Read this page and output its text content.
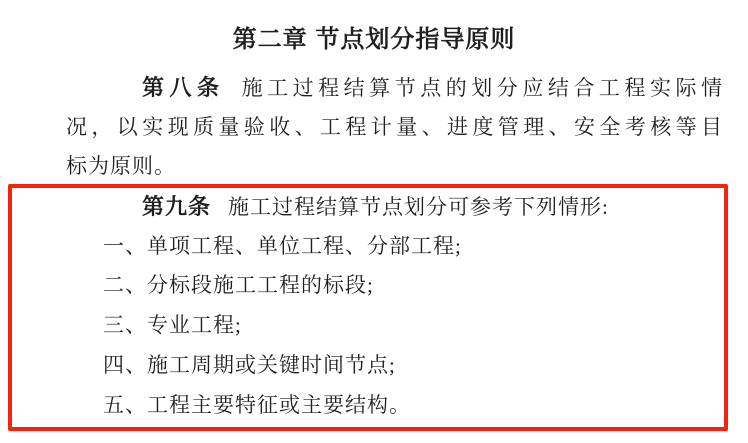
第二章 节点划分指导原则
第八条 施工过程结算节点的划分应结合工程实际情
况，以实现质量验收、工程计量、进度管理、安全考核等目
标为原则。
第九条 施工过程结算节点划分可参考下列情形:
一、单项工程、单位工程、分部工程;
二、分标段施工工程的标段;
三、专业工程;
四、施工周期或关键时间节点;
五、工程主要特征或主要结构。
